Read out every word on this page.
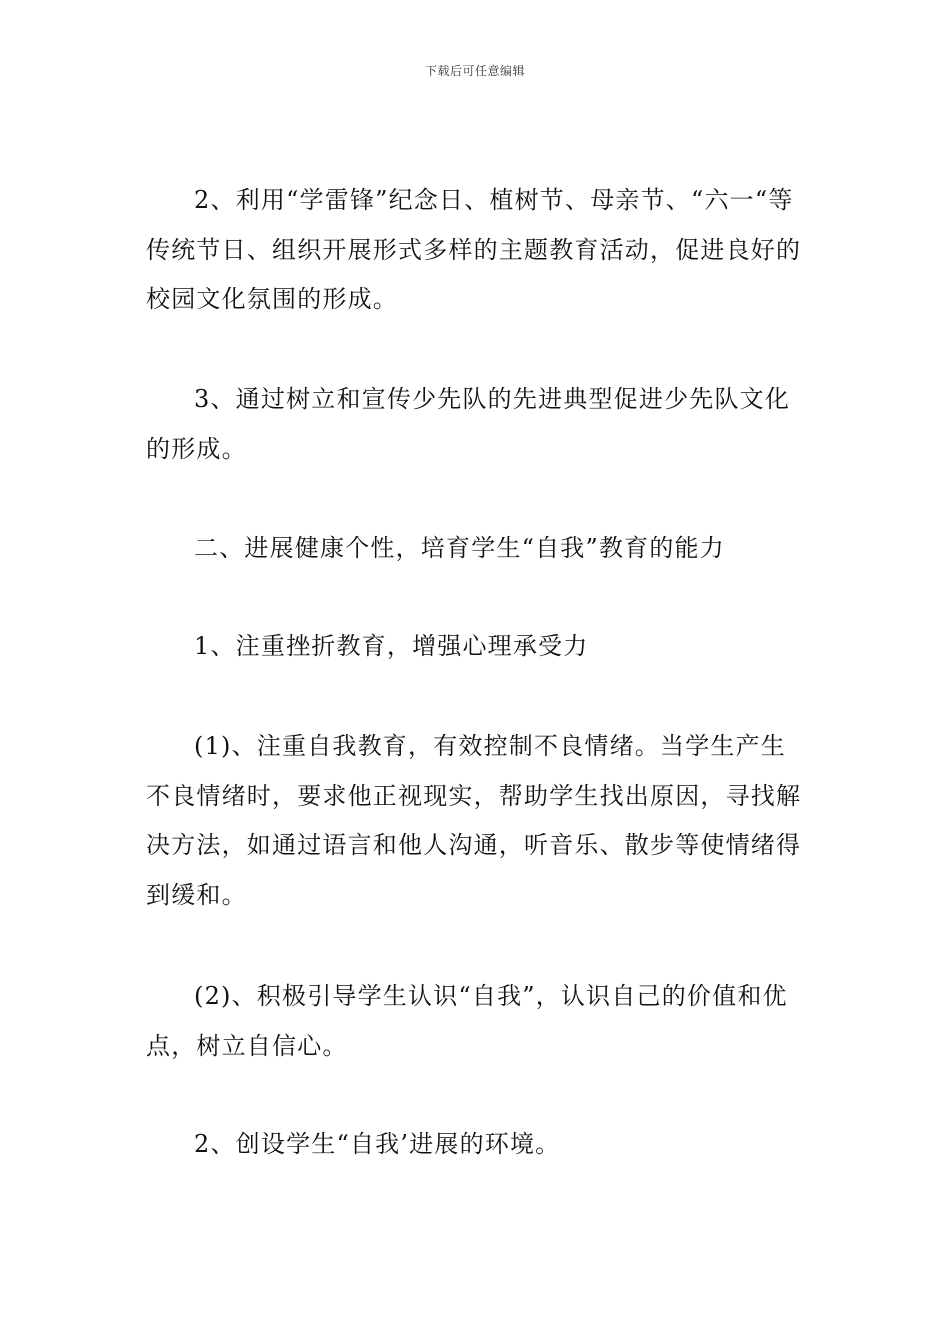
下载后可任意编辑

2、利用“学雷锋”纪念日、植树节、母亲节、“六一“等传统节日、组织开展形式多样的主题教育活动，促进良好的校园文化氛围的形成。

3、通过树立和宣传少先队的先进典型促进少先队文化的形成。

二、进展健康个性，培育学生“自我”教育的能力

1、注重挫折教育，增强心理承受力

(1)、注重自我教育，有效控制不良情绪。当学生产生不良情绪时，要求他正视现实，帮助学生找出原因，寻找解决方法，如通过语言和他人沟通，听音乐、散步等使情绪得到缓和。

(2)、积极引导学生认识“自我”，认识自己的价值和优点，树立自信心。

2、创设学生“自我’进展的环境。
